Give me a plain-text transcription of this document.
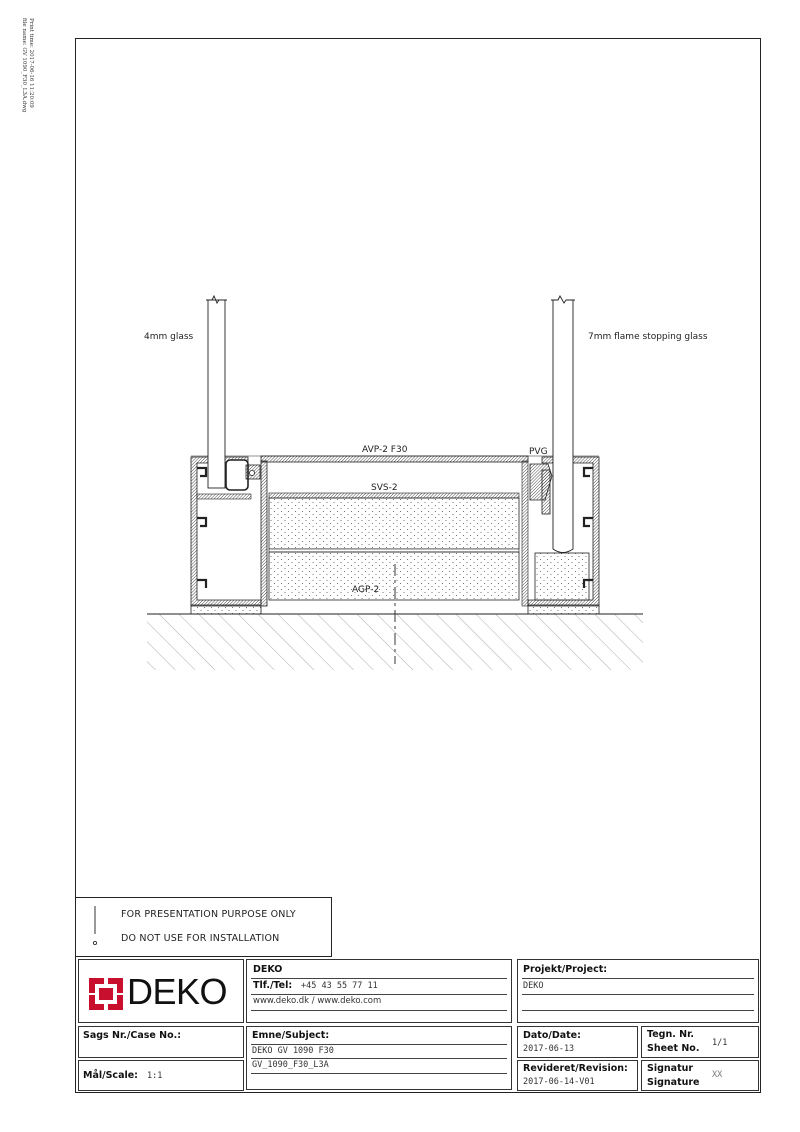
Print time: 2017-06-16 11:20:09
file name: GV 1090_F30_L3A.dwg
4mm glass	7mm flame stopping glass
AVP-2 F30	PVG
SVS-2
AGP-2
FOR PRESENTATION PURPOSE ONLY
DO NOT USE FOR INSTALLATION
DEKO
DEKO
Tlf./Tel: +45 43 55 77 11
www.deko.dk / www.deko.com
Projekt/Project:
DEKO
Sags Nr./Case No.:	Emne/Subject:
DEKO GV 1090 F30
GV_1090_F30_L3A
Dato/Date:
2017-06-13
Tegn. Nr.
Sheet No. 1/1
Mål/Scale: 1:1
Revideret/Revision:
2017-06-14-V01
Signatur
Signature
XX
